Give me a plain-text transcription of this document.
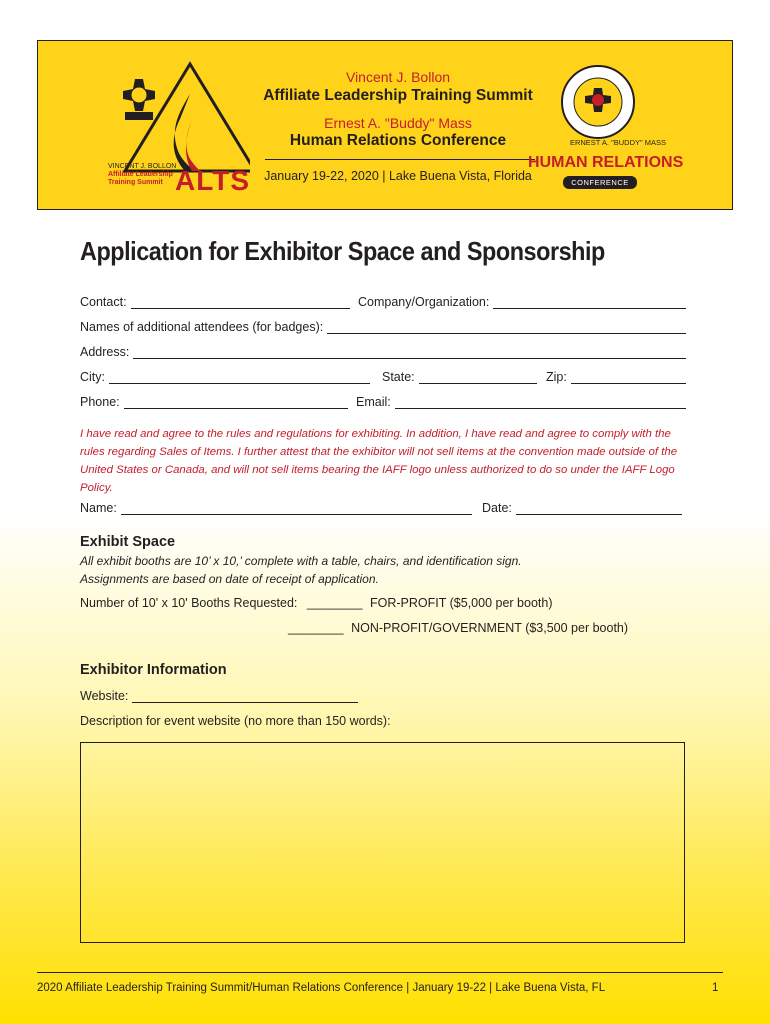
VINCENT J. BOLLON
Affiliate Leadership
Training Summit ALTS
Vincent J. Bollon
Affiliate Leadership Training Summit
Ernest A. "Buddy" Mass
Human Relations Conference
January 19-22, 2020 | Lake Buena Vista, Florida
ERNEST A. "BUDDY" MASS
HUMAN RELATIONS
CONFERENCE
Application for Exhibitor Space and Sponsorship
Contact:	Company/Organization:
Names of additional attendees (for badges):
Address:
City:	State:	Zip:
Phone:	Email:
I have read and agree to the rules and regulations for exhibiting. In addition, I have read and agree to comply with the rules regarding Sales of Items. I further attest that the exhibitor will not sell items at the convention made outside of the United States or Canada, and will not sell items bearing the IAFF logo unless authorized to do so under the IAFF Logo Policy.
Name:	Date:
Exhibit Space
All exhibit booths are 10’ x 10,’ complete with a table, chairs, and identification sign.
Assignments are based on date of receipt of application.
Number of 10' x 10' Booths Requested: ________ FOR-PROFIT ($5,000 per booth)
________ NON-PROFIT/GOVERNMENT ($3,500 per booth)
Exhibitor Information
Website:
Description for event website (no more than 150 words):
2020 Affiliate Leadership Training Summit/Human Relations Conference | January 19-22 | Lake Buena Vista, FL	1
